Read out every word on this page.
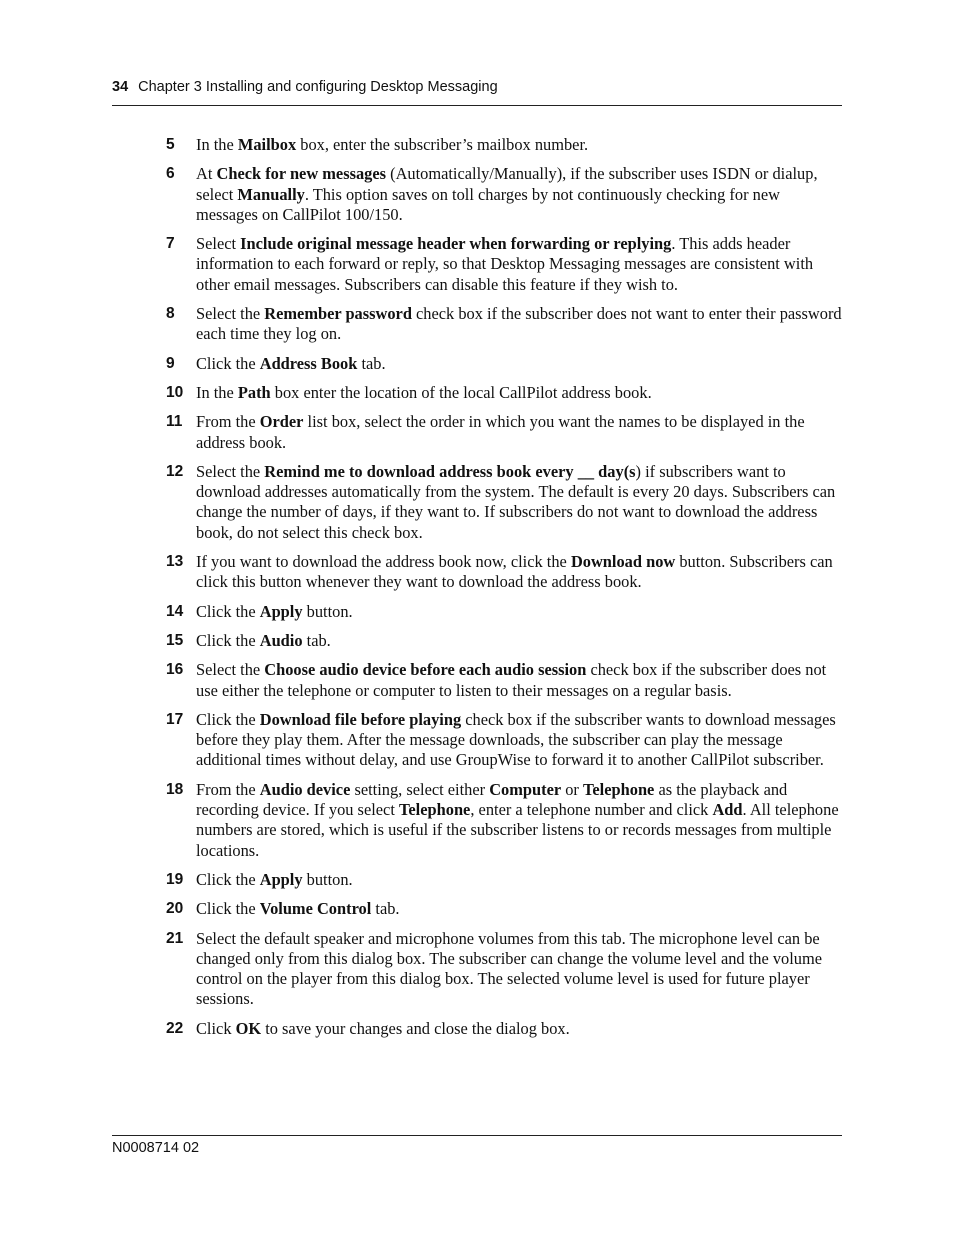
34 Chapter 3 Installing and configuring Desktop Messaging
5 In the Mailbox box, enter the subscriber’s mailbox number.
6 At Check for new messages (Automatically/Manually), if the subscriber uses ISDN or dialup, select Manually. This option saves on toll charges by not continuously checking for new messages on CallPilot 100/150.
7 Select Include original message header when forwarding or replying. This adds header information to each forward or reply, so that Desktop Messaging messages are consistent with other email messages. Subscribers can disable this feature if they wish to.
8 Select the Remember password check box if the subscriber does not want to enter their password each time they log on.
9 Click the Address Book tab.
10 In the Path box enter the location of the local CallPilot address book.
11 From the Order list box, select the order in which you want the names to be displayed in the address book.
12 Select the Remind me to download address book every __ day(s) if subscribers want to download addresses automatically from the system. The default is every 20 days. Subscribers can change the number of days, if they want to. If subscribers do not want to download the address book, do not select this check box.
13 If you want to download the address book now, click the Download now button. Subscribers can click this button whenever they want to download the address book.
14 Click the Apply button.
15 Click the Audio tab.
16 Select the Choose audio device before each audio session check box if the subscriber does not use either the telephone or computer to listen to their messages on a regular basis.
17 Click the Download file before playing check box if the subscriber wants to download messages before they play them. After the message downloads, the subscriber can play the message additional times without delay, and use GroupWise to forward it to another CallPilot subscriber.
18 From the Audio device setting, select either Computer or Telephone as the playback and recording device. If you select Telephone, enter a telephone number and click Add. All telephone numbers are stored, which is useful if the subscriber listens to or records messages from multiple locations.
19 Click the Apply button.
20 Click the Volume Control tab.
21 Select the default speaker and microphone volumes from this tab. The microphone level can be changed only from this dialog box. The subscriber can change the volume level and the volume control on the player from this dialog box. The selected volume level is used for future player sessions.
22 Click OK to save your changes and close the dialog box.
N0008714 02
